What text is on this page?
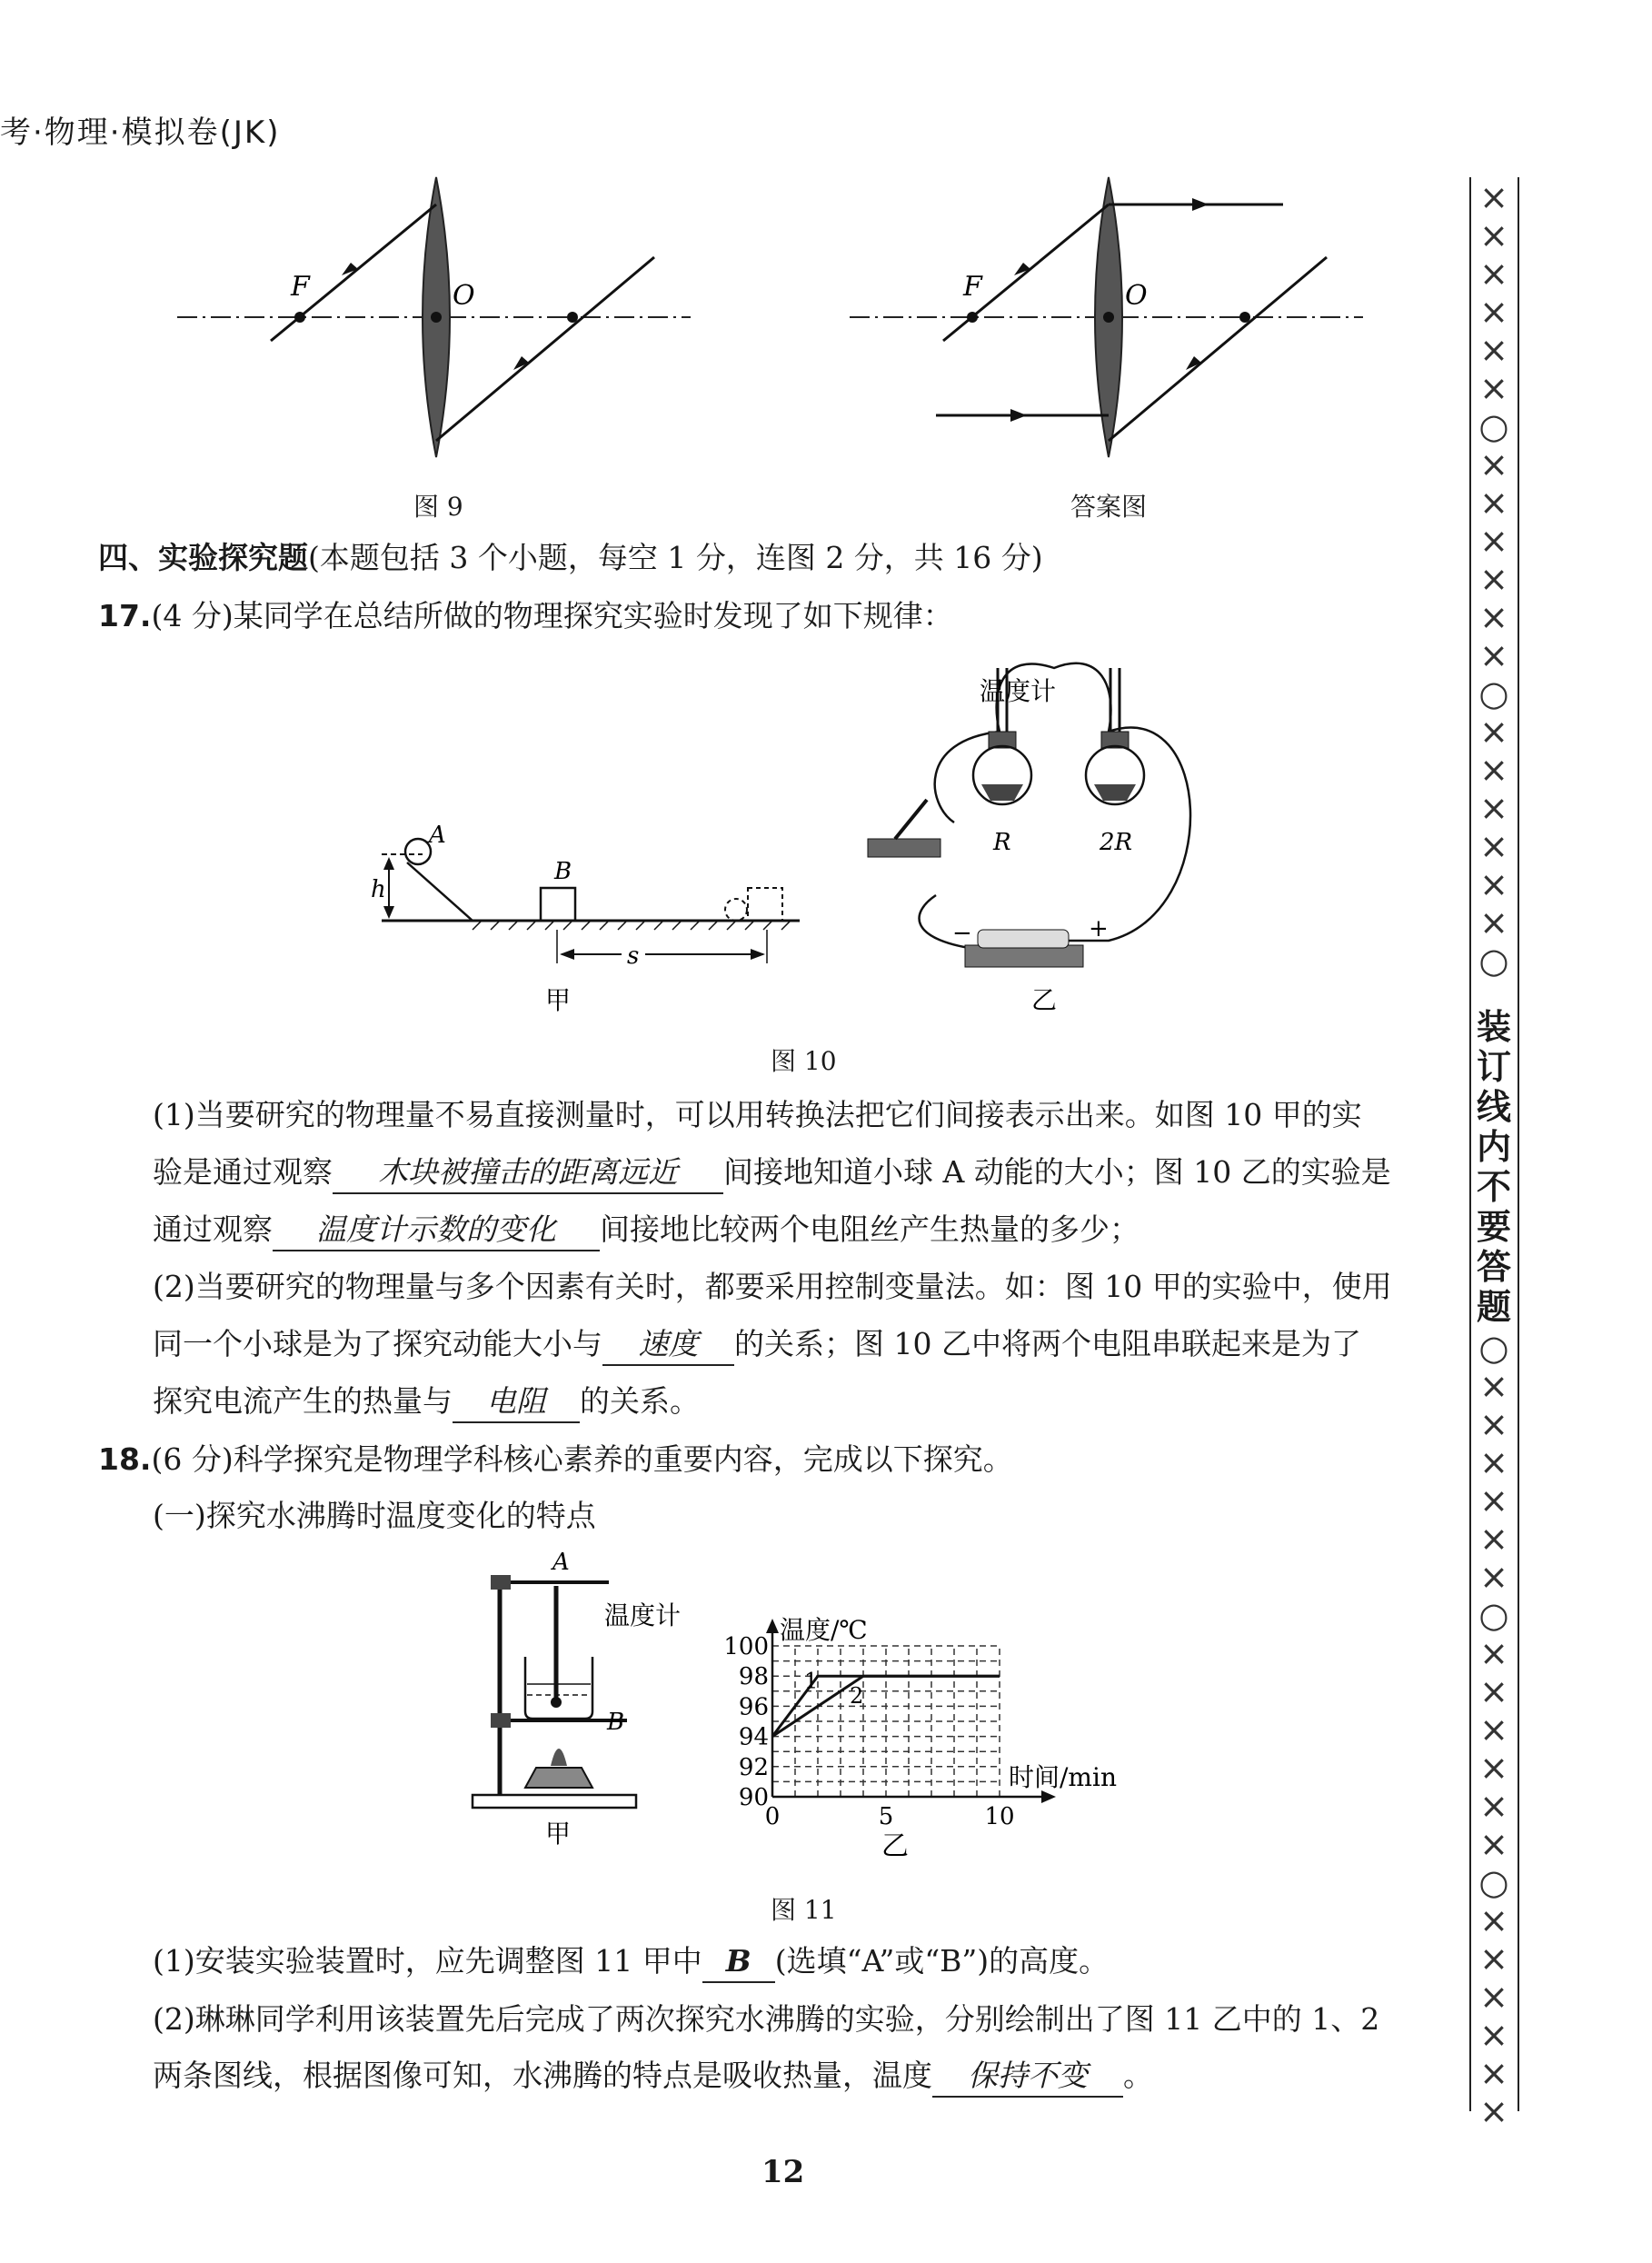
考·物理·模拟卷(JK)
F	O	F	O
图 9	答案图
四、实验探究题(本题包括 3 个小题，每空 1 分，连图 2 分，共 16 分)
17.(4 分)某同学在总结所做的物理探究实验时发现了如下规律：
A
B
h
s
甲
温度计
R	2R
−	+
乙
图 10
(1)当要研究的物理量不易直接测量时，可以用转换法把它们间接表示出来。如图 10 甲的实
验是通过观察 木块被撞击的距离远近 间接地知道小球 A 动能的大小；图 10 乙的实验是
通过观察 温度计示数的变化 间接地比较两个电阻丝产生热量的多少；
(2)当要研究的物理量与多个因素有关时，都要采用控制变量法。如：图 10 甲的实验中，使用
同一个小球是为了探究动能大小与 速度 的关系；图 10 乙中将两个电阻串联起来是为了
探究电流产生的热量与 电阻 的关系。
18.(6 分)科学探究是物理学科核心素养的重要内容，完成以下探究。
(一)探究水沸腾时温度变化的特点
A
B
温度计
甲
90
92
94
96
98
100
0	5	10
温度/℃
时间/min
乙
1
2
图 11
(1)安装实验装置时，应先调整图 11 甲中 B (选填“A”或“B”)的高度。
(2)琳琳同学利用该装置先后完成了两次探究水沸腾的实验，分别绘制出了图 11 乙中的 1、2
两条图线，根据图像可知，水沸腾的特点是吸收热量，温度 保持不变 。
12
×
×
×
×
×
×
○
×
×
×
×
×
×
○
×
×
×
×
×
×
○
装
订
线
内
不
要
答
题
○
×
×
×
×
×
×
○
×
×
×
×
×
×
○
×
×
×
×
×
×
